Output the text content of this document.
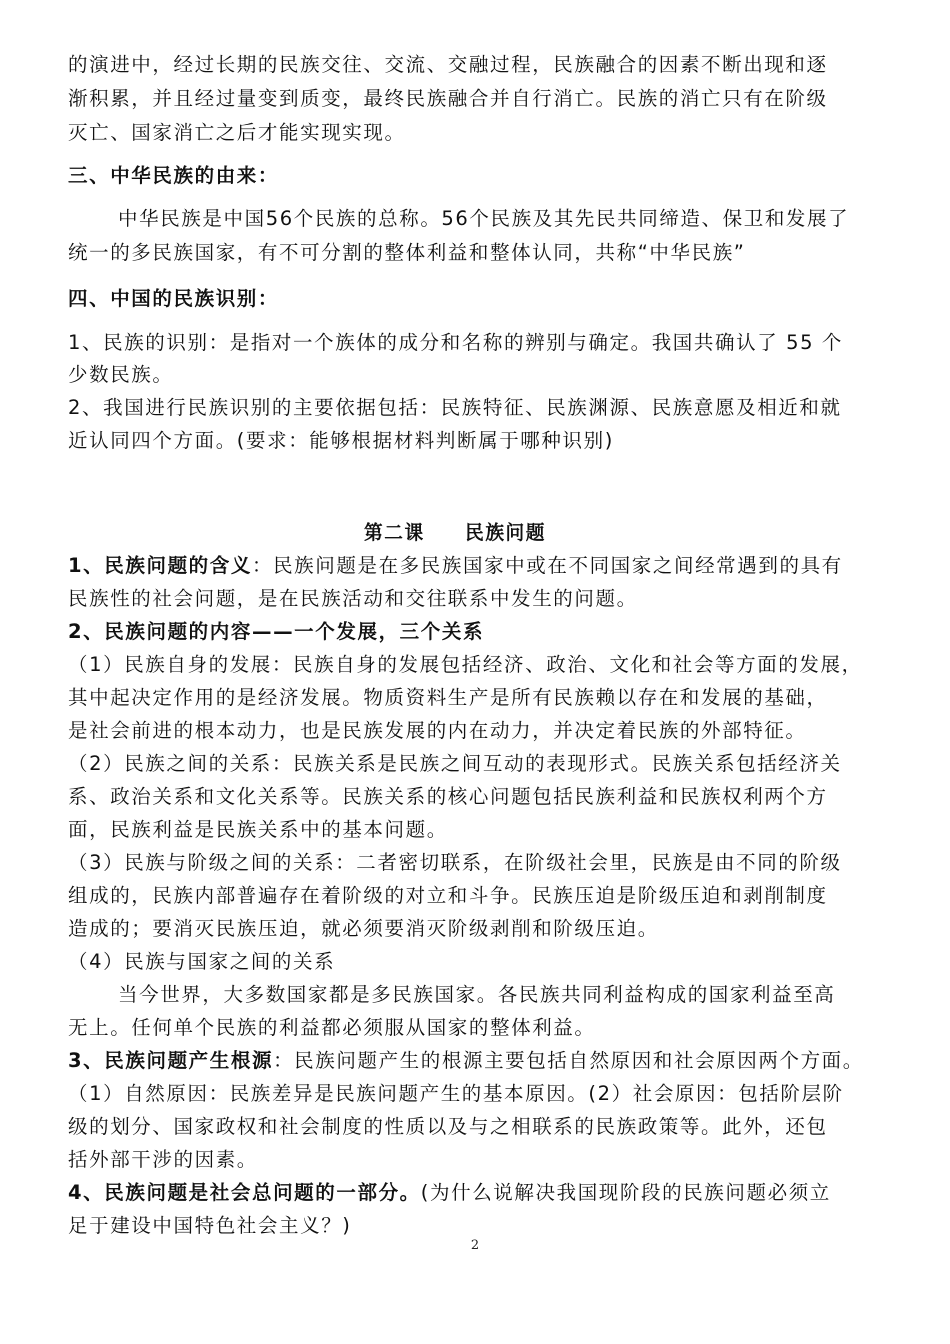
的演进中，经过长期的民族交往、交流、交融过程，民族融合的因素不断出现和逐
渐积累，并且经过量变到质变，最终民族融合并自行消亡。民族的消亡只有在阶级
灭亡、国家消亡之后才能实现实现。
三、中华民族的由来：
中华民族是中国56个民族的总称。56个民族及其先民共同缔造、保卫和发展了
统一的多民族国家，有不可分割的整体利益和整体认同，共称“中华民族”
四、中国的民族识别：
1、民族的识别：是指对一个族体的成分和名称的辨别与确定。我国共确认了 55 个
少数民族。
2、我国进行民族识别的主要依据包括：民族特征、民族渊源、民族意愿及相近和就
近认同四个方面。(要求：能够根据材料判断属于哪种识别)
第二课　　民族问题
1、民族问题的含义：民族问题是在多民族国家中或在不同国家之间经常遇到的具有
民族性的社会问题，是在民族活动和交往联系中发生的问题。
2、民族问题的内容——一个发展，三个关系
（1）民族自身的发展：民族自身的发展包括经济、政治、文化和社会等方面的发展，
其中起决定作用的是经济发展。物质资料生产是所有民族赖以存在和发展的基础，
是社会前进的根本动力，也是民族发展的内在动力，并决定着民族的外部特征。
（2）民族之间的关系：民族关系是民族之间互动的表现形式。民族关系包括经济关
系、政治关系和文化关系等。民族关系的核心问题包括民族利益和民族权利两个方
面，民族利益是民族关系中的基本问题。
（3）民族与阶级之间的关系：二者密切联系，在阶级社会里，民族是由不同的阶级
组成的，民族内部普遍存在着阶级的对立和斗争。民族压迫是阶级压迫和剥削制度
造成的；要消灭民族压迫，就必须要消灭阶级剥削和阶级压迫。
（4）民族与国家之间的关系
当今世界，大多数国家都是多民族国家。各民族共同利益构成的国家利益至高
无上。任何单个民族的利益都必须服从国家的整体利益。
3、民族问题产生根源：民族问题产生的根源主要包括自然原因和社会原因两个方面。
（1）自然原因：民族差异是民族问题产生的基本原因。(2）社会原因：包括阶层阶
级的划分、国家政权和社会制度的性质以及与之相联系的民族政策等。此外，还包
括外部干涉的因素。
4、民族问题是社会总问题的一部分。(为什么说解决我国现阶段的民族问题必须立
足于建设中国特色社会主义？)
2
